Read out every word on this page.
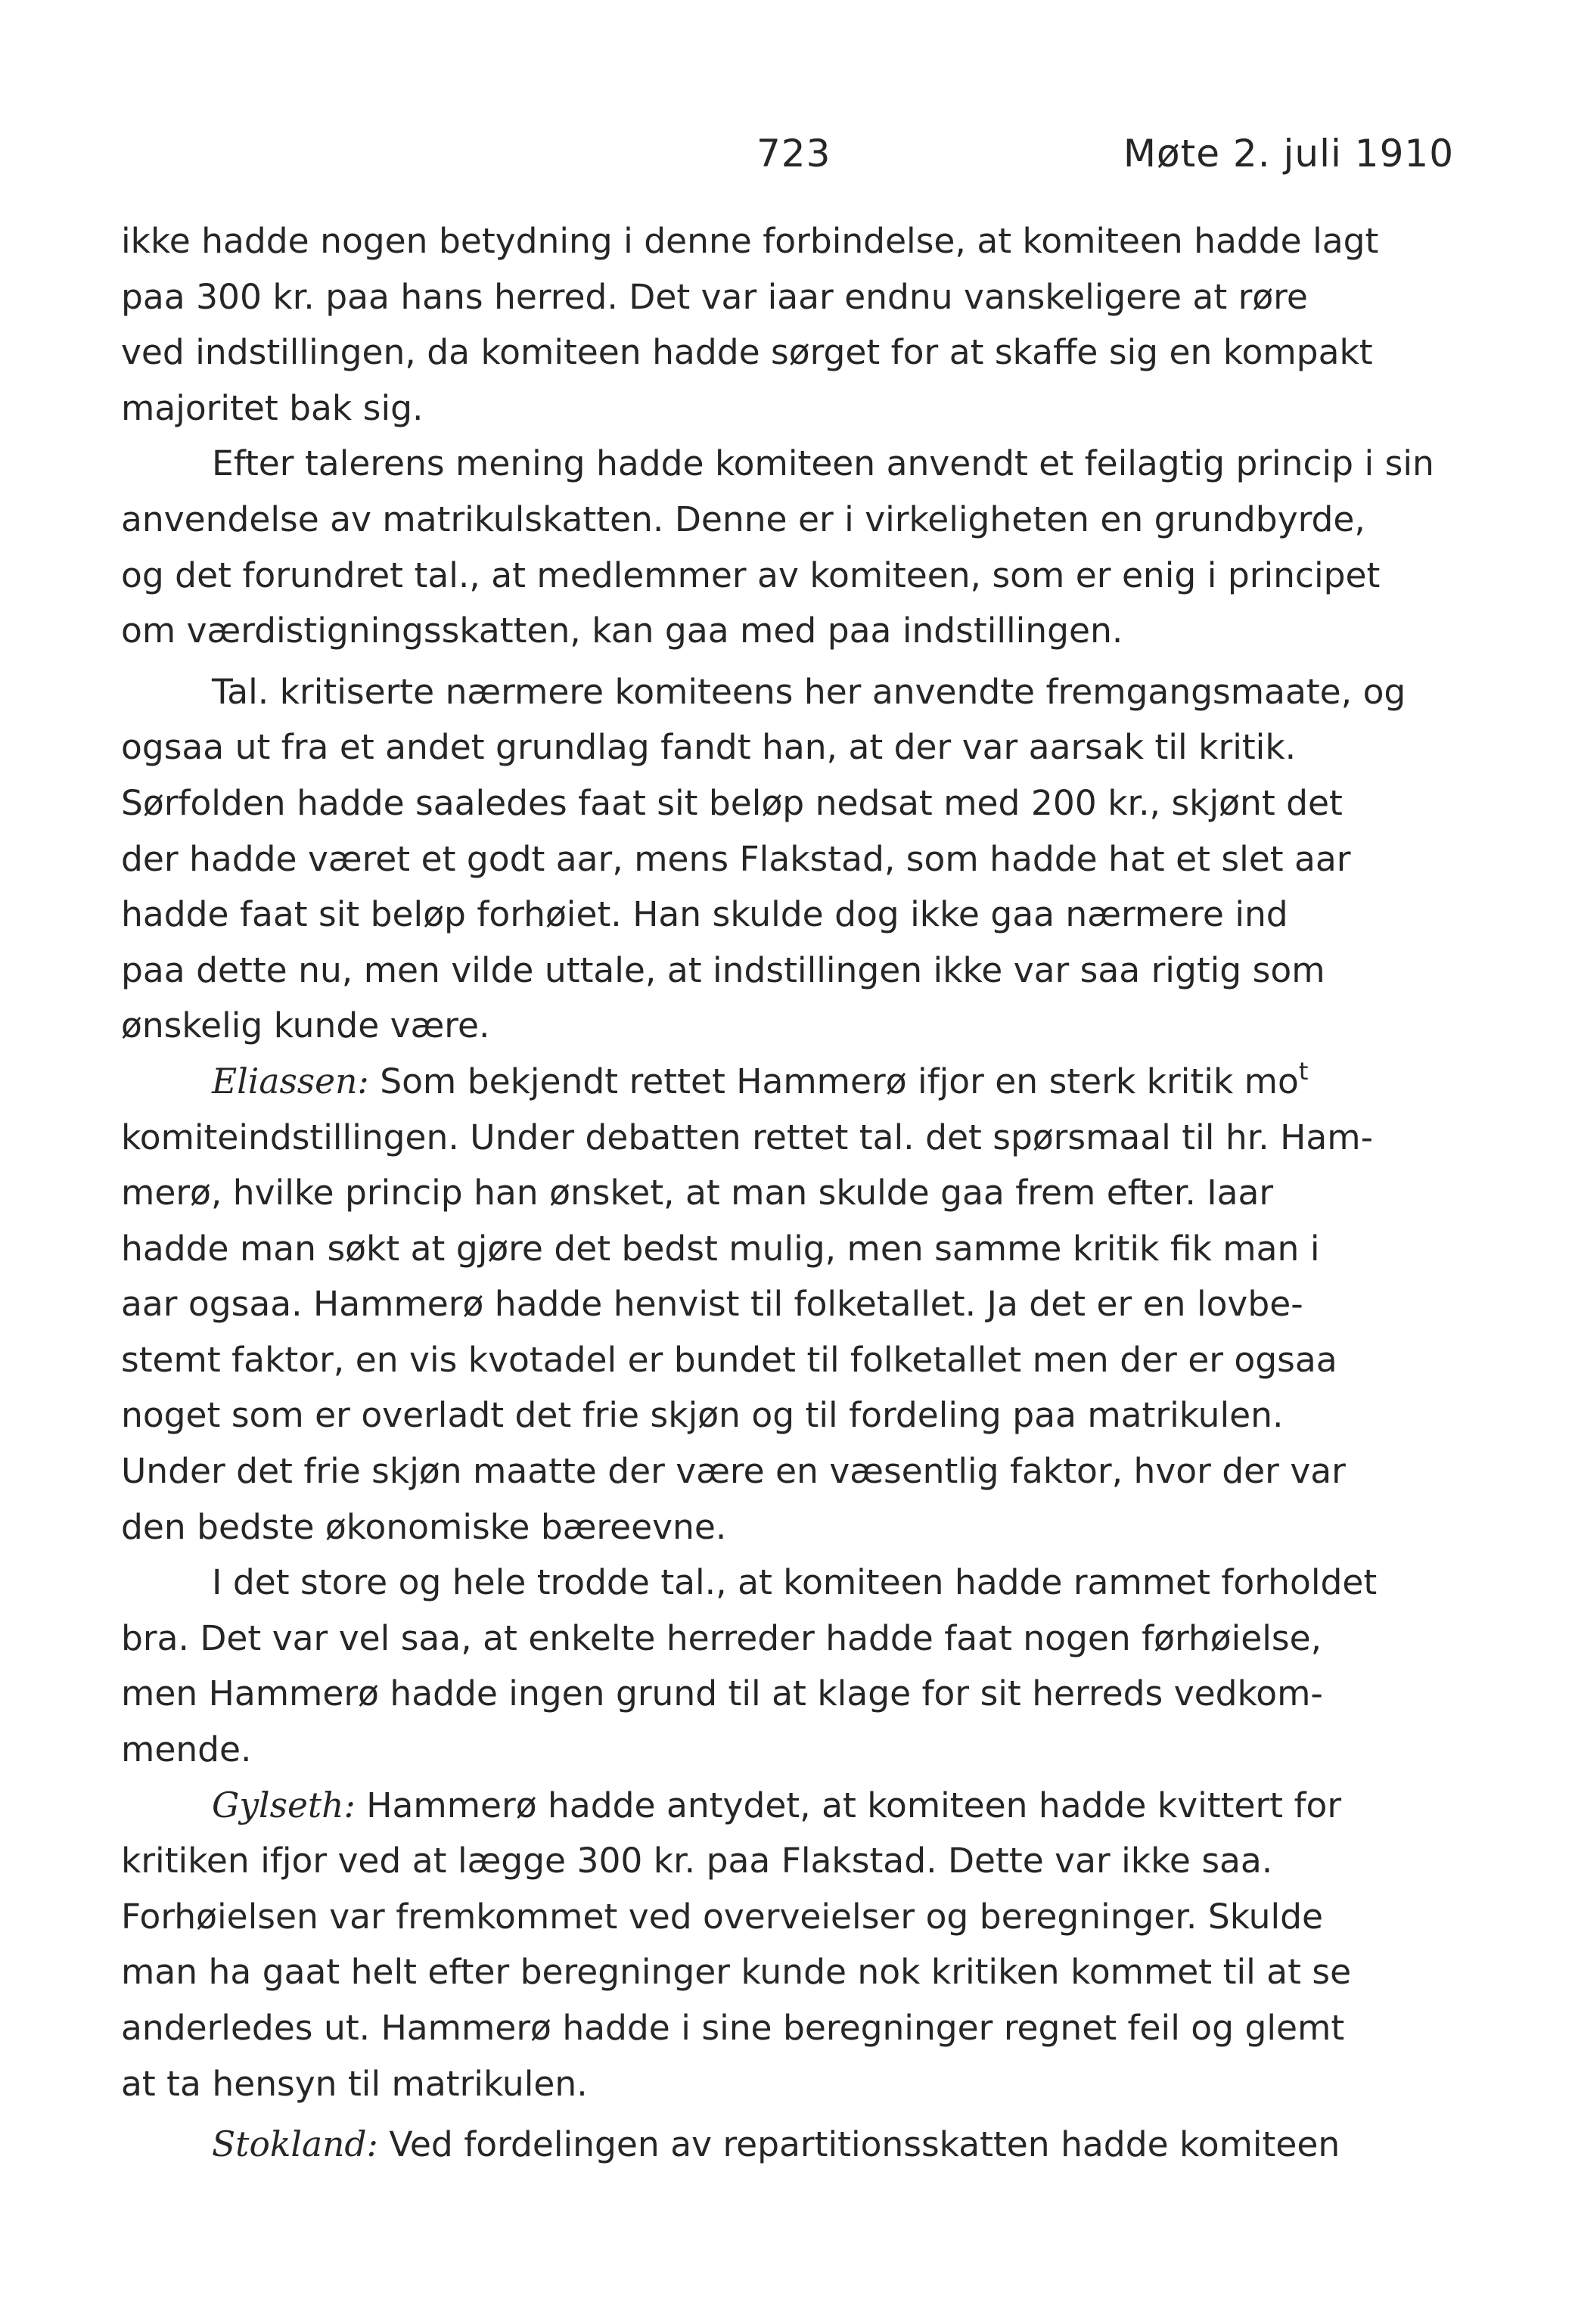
723	Møte 2. juli 1910

ikke hadde nogen betydning i denne forbindelse, at komiteen hadde lagt
paa 300 kr. paa hans herred. Det var iaar endnu vanskeligere at røre
ved indstillingen, da komiteen hadde sørget for at skaffe sig en kompakt
majoritet bak sig.

Efter talerens mening hadde komiteen anvendt et feilagtig princip i sin
anvendelse av matrikulskatten. Denne er i virkeligheten en grundbyrde,
og det forundret tal., at medlemmer av komiteen, som er enig i principet
om værdistigningsskatten, kan gaa med paa indstillingen.

Tal. kritiserte nærmere komiteens her anvendte fremgangsmaate, og
ogsaa ut fra et andet grundlag fandt han, at der var aarsak til kritik.
Sørfolden hadde saaledes faat sit beløp nedsat med 200 kr., skjønt det
der hadde været et godt aar, mens Flakstad, som hadde hat et slet aar
hadde faat sit beløp forhøiet. Han skulde dog ikke gaa nærmere ind
paa dette nu, men vilde uttale, at indstillingen ikke var saa rigtig som
ønskelig kunde være.

Eliassen: Som bekjendt rettet Hammerø ifjor en sterk kritik $mo^t$
komiteindstillingen. Under debatten rettet tal. det spørsmaal til hr. Ham-
merø, hvilke princip han ønsket, at man skulde gaa frem efter. Iaar
hadde man søkt at gjøre det bedst mulig, men samme kritik fik man i
aar ogsaa. Hammerø hadde henvist til folketallet. Ja det er en lovbe-
stemt faktor, en vis kvotadel er bundet til folketallet men der er ogsaa
noget som er overladt det frie skjøn og til fordeling paa matrikulen.
Under det frie skjøn maatte der være en væsentlig faktor, hvor der var
den bedste økonomiske bæreevne.

I det store og hele trodde tal., at komiteen hadde rammet forholdet
bra. Det var vel saa, at enkelte herreder hadde faat nogen førhøielse,
men Hammerø hadde ingen grund til at klage for sit herreds vedkom-
mende.

Gylseth: Hammerø hadde antydet, at komiteen hadde kvittert for
kritiken ifjor ved at lægge 300 kr. paa Flakstad. Dette var ikke saa.
Forhøielsen var fremkommet ved overveielser og beregninger. Skulde
man ha gaat helt efter beregninger kunde nok kritiken kommet til at se
anderledes ut. Hammerø hadde i sine beregninger regnet feil og glemt
at ta hensyn til matrikulen.

Stokland: Ved fordelingen av repartitionsskatten hadde komiteen
